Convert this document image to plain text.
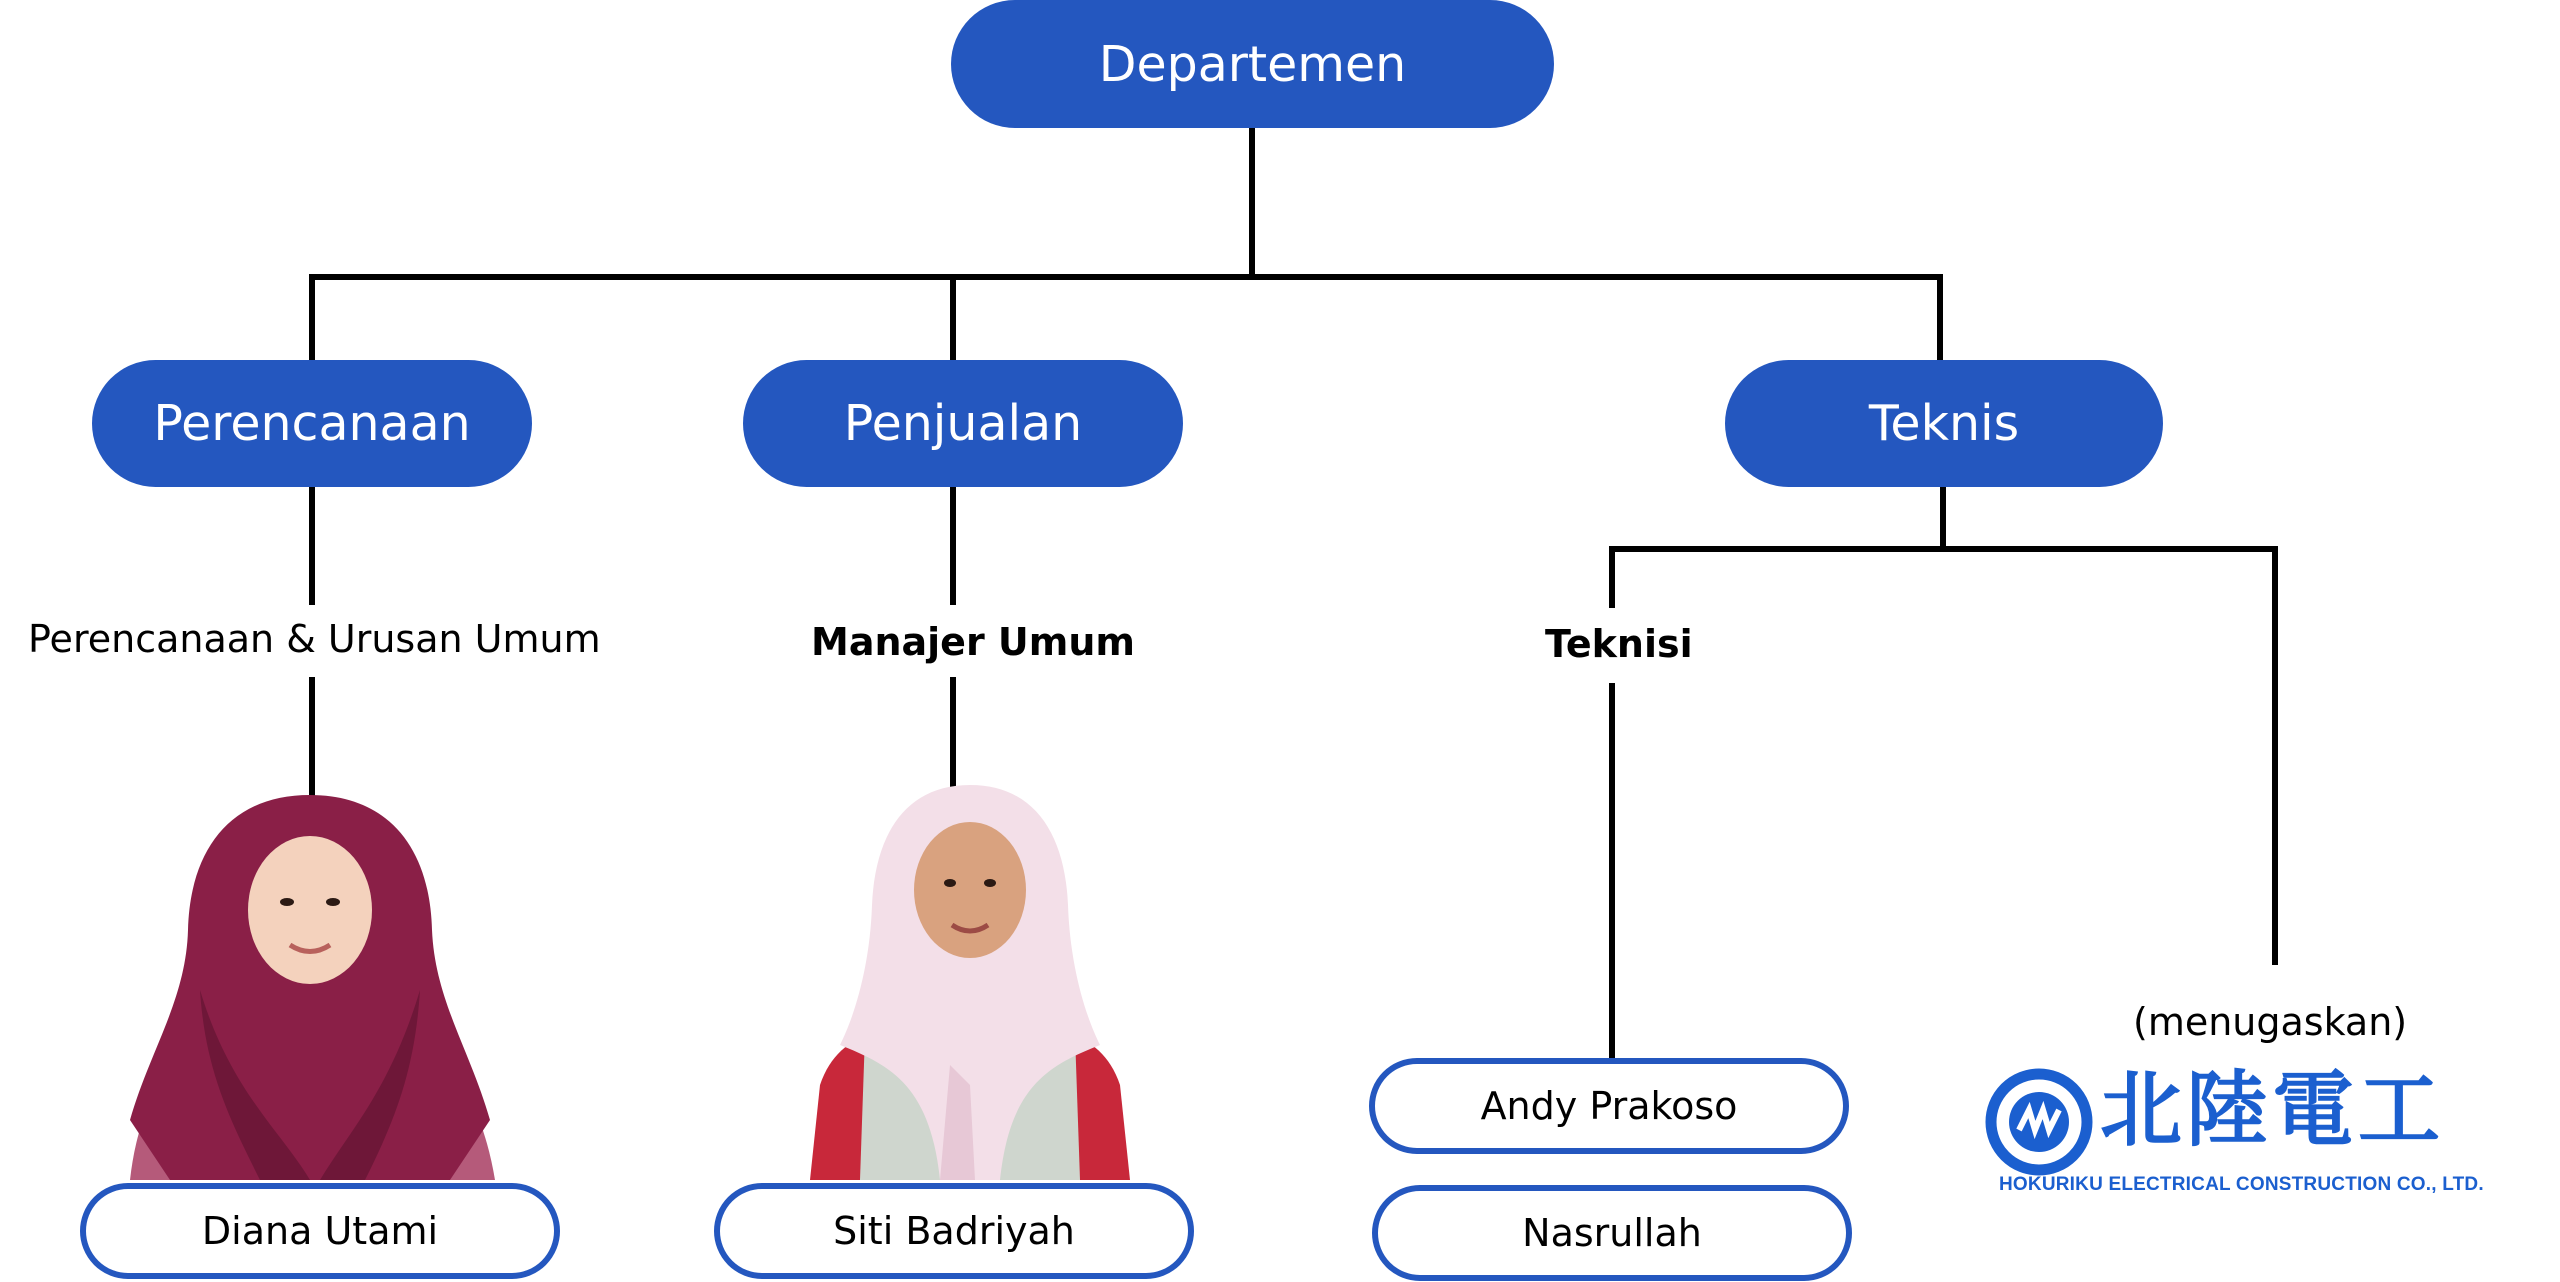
Departemen
Perencanaan	Penjualan	Teknis
Perencanaan & Urusan Umum	Manajer Umum	Teknisi
Diana Utami	Siti Badriyah
Andy Prakoso
Nasrullah
(menugaskan)
北陸電工
HOKURIKU ELECTRICAL CONSTRUCTION CO., LTD.
